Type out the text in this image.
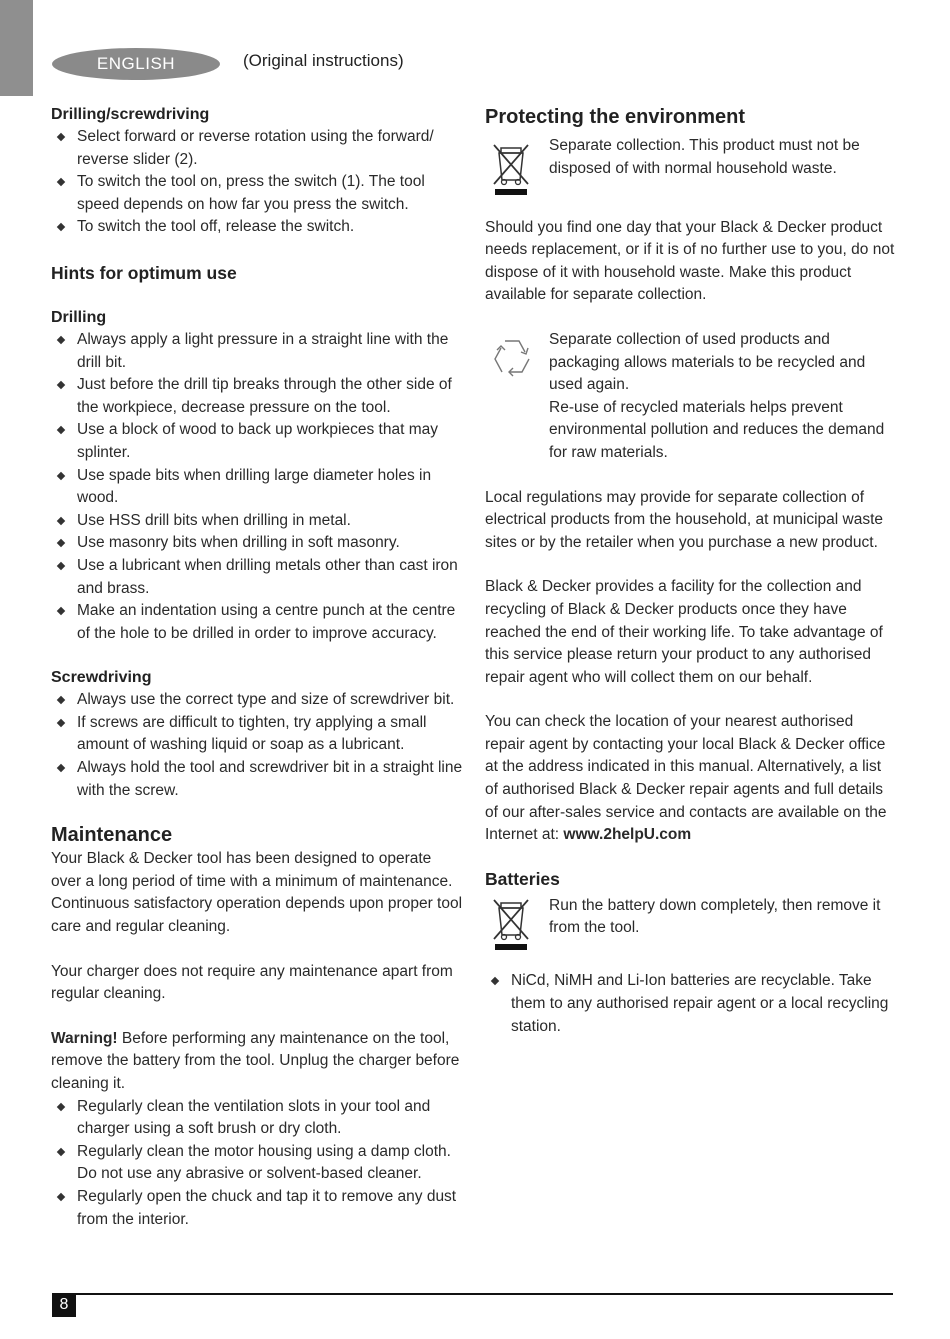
ENGLISH	(Original instructions)
Drilling/screwdriving
Select forward or reverse rotation using the forward/ reverse slider (2).
To switch the tool on, press the switch (1). The tool speed depends on how far you press the switch.
To switch the tool off, release the switch.
Hints for optimum use
Drilling
Always apply a light pressure in a straight line with the drill bit.
Just before the drill tip breaks through the other side of the workpiece, decrease pressure on the tool.
Use a block of wood to back up workpieces that may splinter.
Use spade bits when drilling large diameter holes in wood.
Use HSS drill bits when drilling in metal.
Use masonry bits when drilling in soft masonry.
Use a lubricant when drilling metals other than cast iron and brass.
Make an indentation using a centre punch at the centre of the hole to be drilled in order to improve accuracy.
Screwdriving
Always use the correct type and size of screwdriver bit.
If screws are difficult to tighten, try applying a small amount of washing liquid or soap as a lubricant.
Always hold the tool and screwdriver bit in a straight line with the screw.
Maintenance

Your Black & Decker tool has been designed to operate over a long period of time with a minimum of maintenance. Continuous satisfactory operation depends upon proper tool care and regular cleaning.

Your charger does not require any maintenance apart from regular cleaning.

Warning! Before performing any maintenance on the tool, remove the battery from the tool. Unplug the charger before cleaning it.

Regularly clean the ventilation slots in your tool and charger using a soft brush or dry cloth.
Regularly clean the motor housing using a damp cloth. Do not use any abrasive or solvent-based cleaner.
Regularly open the chuck and tap it to remove any dust from the interior.
Protecting the environment

Separate collection. This product must not be disposed of with normal household waste.

Should you find one day that your Black & Decker product needs replacement, or if it is of no further use to you, do not dispose of it with household waste. Make this product available for separate collection.

Separate collection of used products and packaging allows materials to be recycled and used again.

Re-use of recycled materials helps prevent environmental pollution and reduces the demand for raw materials.

Local regulations may provide for separate collection of electrical products from the household, at municipal waste sites or by the retailer when you purchase a new product.

Black & Decker provides a facility for the collection and recycling of Black & Decker products once they have reached the end of their working life. To take advantage of this service please return your product to any authorised repair agent who will collect them on our behalf.

You can check the location of your nearest authorised repair agent by contacting your local Black & Decker office at the address indicated in this manual. Alternatively, a list of authorised Black & Decker repair agents and full details of our after-sales service and contacts are available on the Internet at: www.2helpU.com

Batteries

Run the battery down completely, then remove it from the tool.

NiCd, NiMH and Li-Ion batteries are recyclable. Take them to any authorised repair agent or a local recycling station.
8
